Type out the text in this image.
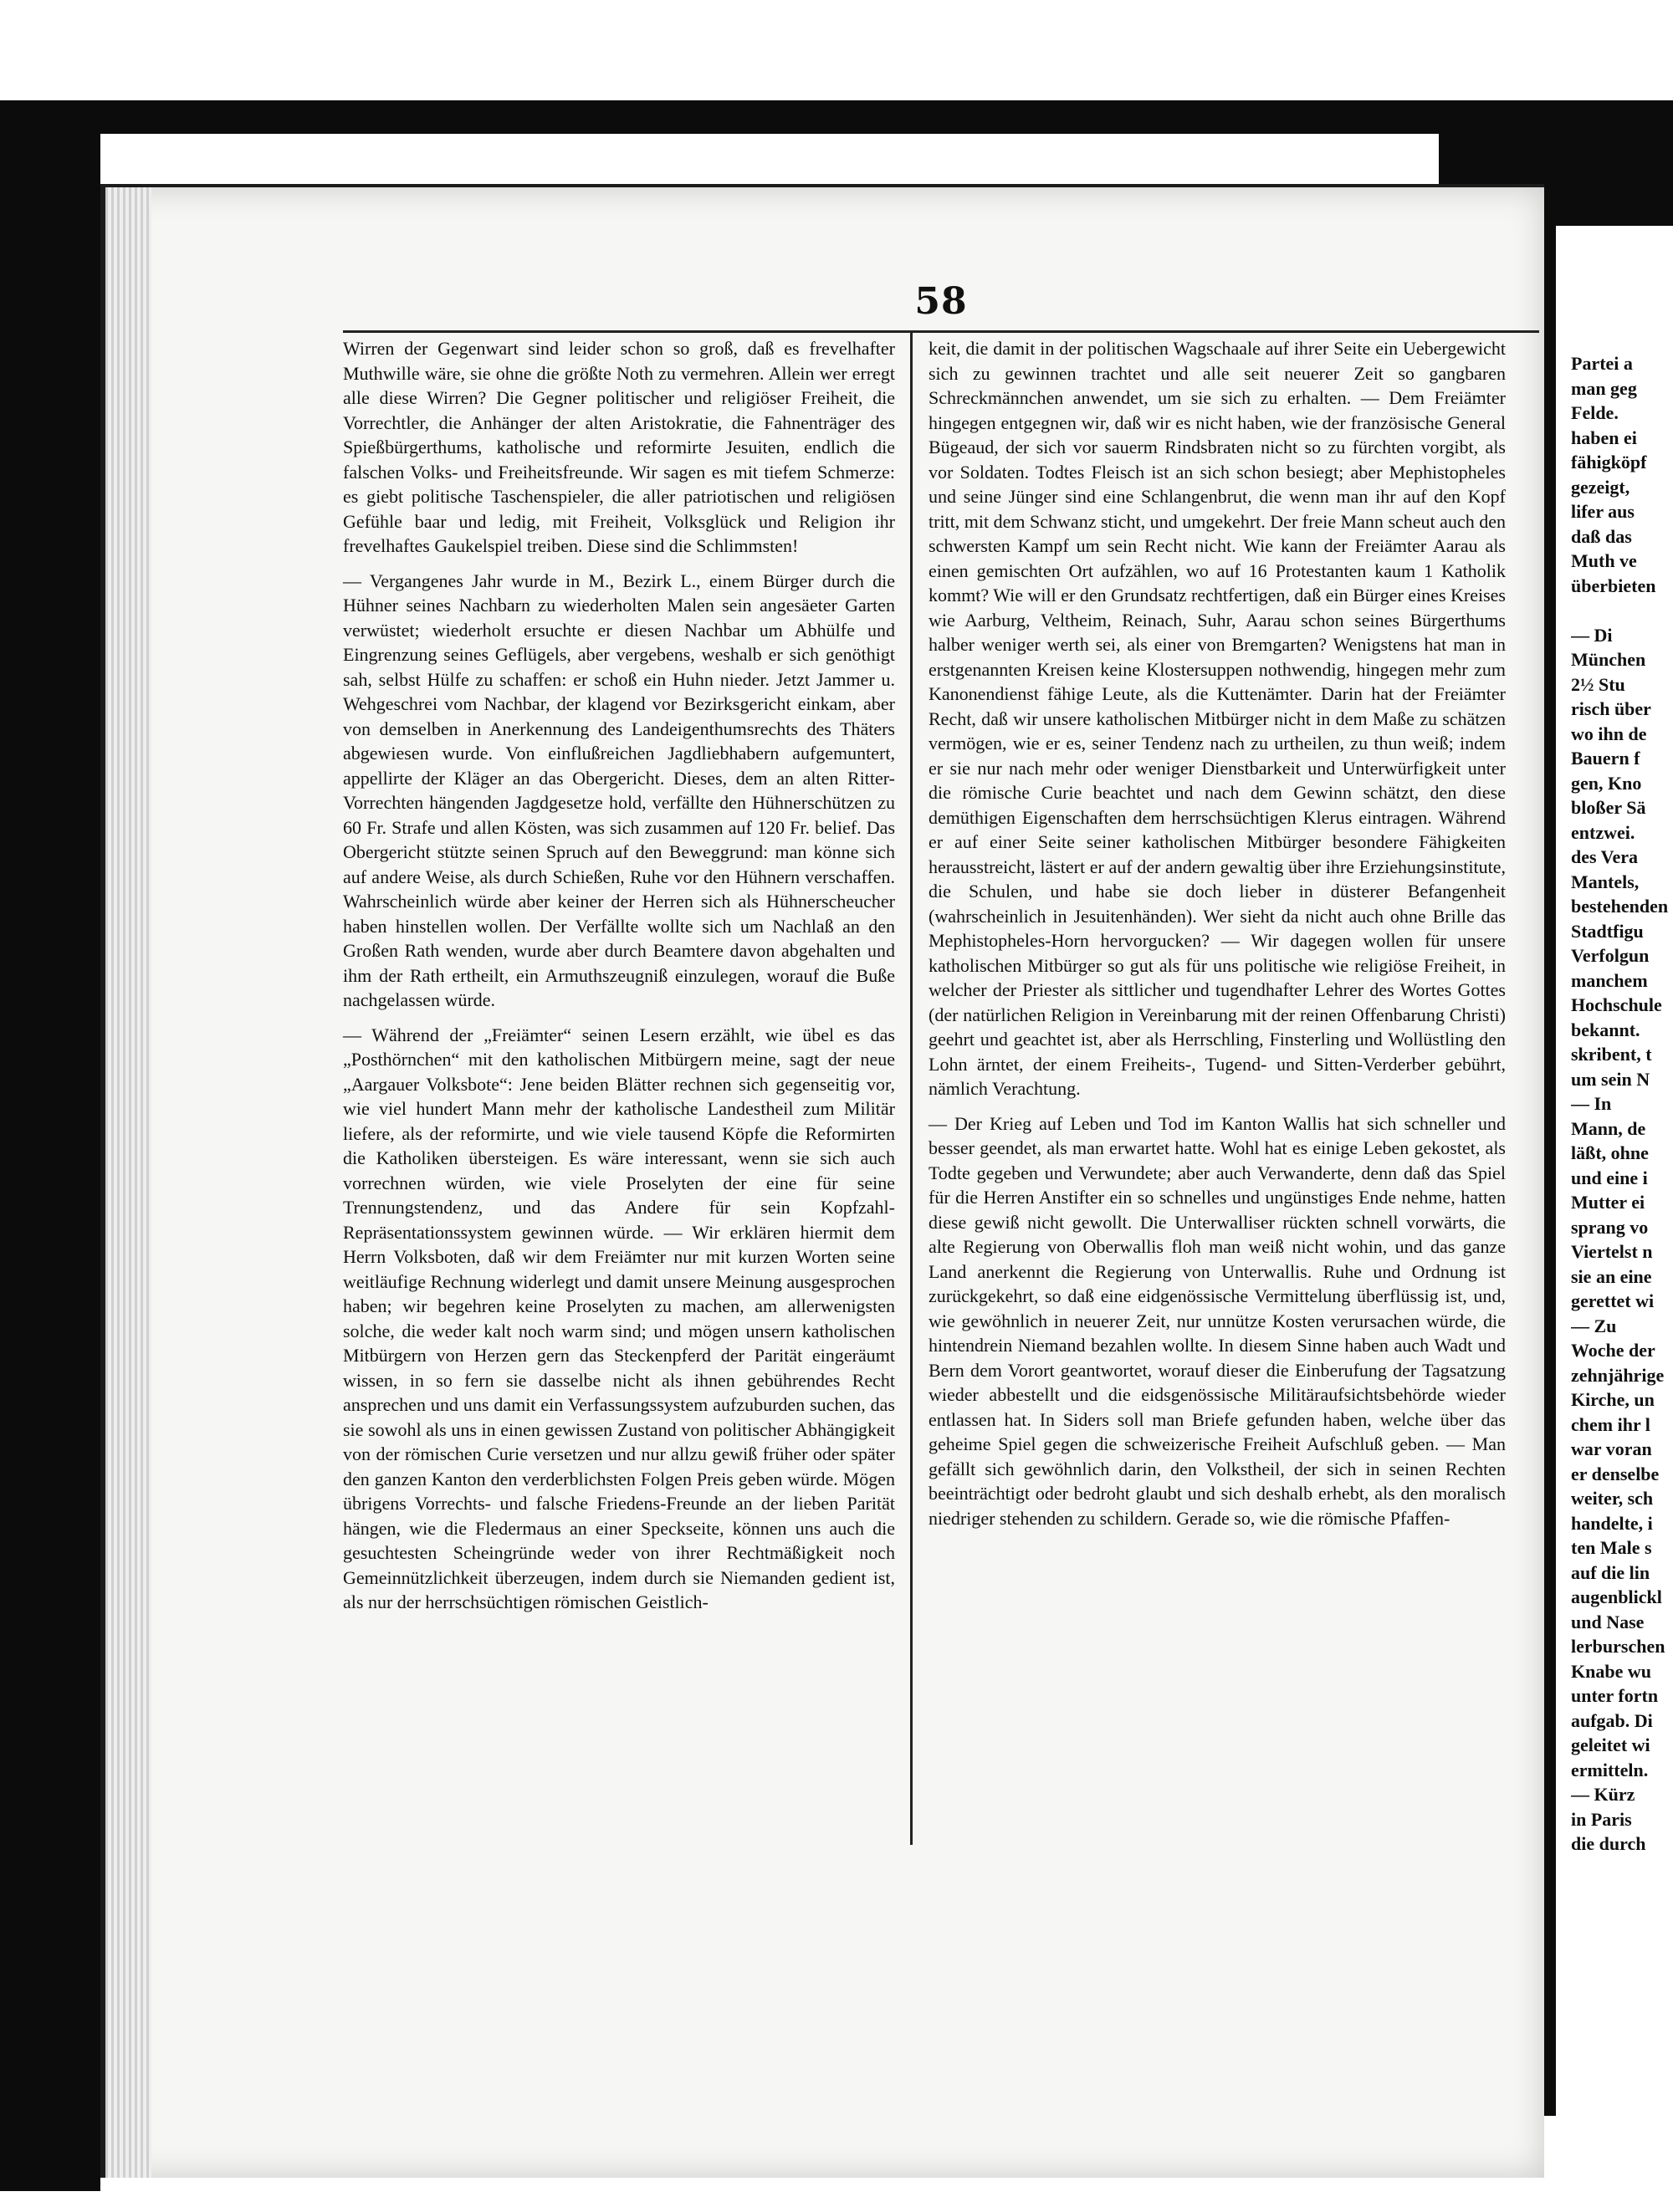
58

Wirren der Gegenwart sind leider schon so groß, daß es frevelhafter Muthwille wäre, sie ohne die größte Noth zu vermehren. Allein wer erregt alle diese Wirren? Die Gegner politischer und religiöser Freiheit, die Vorrechtler, die Anhänger der alten Aristokratie, die Fahnenträger des Spießbürgerthums, katholische und reformirte Jesuiten, endlich die falschen Volks- und Freiheitsfreunde. Wir sagen es mit tiefem Schmerze: es giebt politische Taschenspieler, die aller patriotischen und religiösen Gefühle baar und ledig, mit Freiheit, Volksglück und Religion ihr frevelhaftes Gaukelspiel treiben. Diese sind die Schlimmsten!

— Vergangenes Jahr wurde in M., Bezirk L., einem Bürger durch die Hühner seines Nachbarn zu wiederholten Malen sein angesäeter Garten verwüstet; wiederholt ersuchte er diesen Nachbar um Abhülfe und Eingrenzung seines Geflügels, aber vergebens, weshalb er sich genöthigt sah, selbst Hülfe zu schaffen: er schoß ein Huhn nieder. Jetzt Jammer u. Wehgeschrei vom Nachbar, der klagend vor Bezirksgericht einkam, aber von demselben in Anerkennung des Landeigenthumsrechts des Thäters abgewiesen wurde. Von einflußreichen Jagdliebhabern aufgemuntert, appellirte der Kläger an das Obergericht. Dieses, dem an alten Ritter-Vorrechten hängenden Jagdgesetze hold, verfällte den Hühnerschützen zu 60 Fr. Strafe und allen Kösten, was sich zusammen auf 120 Fr. belief. Das Obergericht stützte seinen Spruch auf den Beweggrund: man könne sich auf andere Weise, als durch Schießen, Ruhe vor den Hühnern verschaffen. Wahrscheinlich würde aber keiner der Herren sich als Hühnerscheucher haben hinstellen wollen. Der Verfällte wollte sich um Nachlaß an den Großen Rath wenden, wurde aber durch Beamtere davon abgehalten und ihm der Rath ertheilt, ein Armuthszeugniß einzulegen, worauf die Buße nachgelassen würde.

— Während der „Freiämter“ seinen Lesern erzählt, wie übel es das „Posthörnchen“ mit den katholischen Mitbürgern meine, sagt der neue „Aargauer Volksbote“: Jene beiden Blätter rechnen sich gegenseitig vor, wie viel hundert Mann mehr der katholische Landestheil zum Militär liefere, als der reformirte, und wie viele tausend Köpfe die Reformirten die Katholiken übersteigen. Es wäre interessant, wenn sie sich auch vorrechnen würden, wie viele Proselyten der eine für seine Trennungstendenz, und das Andere für sein Kopfzahl-Repräsentationssystem gewinnen würde. — Wir erklären hiermit dem Herrn Volksboten, daß wir dem Freiämter nur mit kurzen Worten seine weitläufige Rechnung widerlegt und damit unsere Meinung ausgesprochen haben; wir begehren keine Proselyten zu machen, am allerwenigsten solche, die weder kalt noch warm sind; und mögen unsern katholischen Mitbürgern von Herzen gern das Steckenpferd der Parität eingeräumt wissen, in so fern sie dasselbe nicht als ihnen gebührendes Recht ansprechen und uns damit ein Verfassungssystem aufzuburden suchen, das sie sowohl als uns in einen gewissen Zustand von politischer Abhängigkeit von der römischen Curie versetzen und nur allzu gewiß früher oder später den ganzen Kanton den verderblichsten Folgen Preis geben würde. Mögen übrigens Vorrechts- und falsche Friedens-Freunde an der lieben Parität hängen, wie die Fledermaus an einer Speckseite, können uns auch die gesuchtesten Scheingründe weder von ihrer Rechtmäßigkeit noch Gemeinnützlichkeit überzeugen, indem durch sie Niemanden gedient ist, als nur der herrschsüchtigen römischen Geistlich-

keit, die damit in der politischen Wagschaale auf ihrer Seite ein Uebergewicht sich zu gewinnen trachtet und alle seit neuerer Zeit so gangbaren Schreckmännchen anwendet, um sie sich zu erhalten. — Dem Freiämter hingegen entgegnen wir, daß wir es nicht haben, wie der französische General Bügeaud, der sich vor sauerm Rindsbraten nicht so zu fürchten vorgibt, als vor Soldaten. Todtes Fleisch ist an sich schon besiegt; aber Mephistopheles und seine Jünger sind eine Schlangenbrut, die wenn man ihr auf den Kopf tritt, mit dem Schwanz sticht, und umgekehrt. Der freie Mann scheut auch den schwersten Kampf um sein Recht nicht. Wie kann der Freiämter Aarau als einen gemischten Ort aufzählen, wo auf 16 Protestanten kaum 1 Katholik kommt? Wie will er den Grundsatz rechtfertigen, daß ein Bürger eines Kreises wie Aarburg, Veltheim, Reinach, Suhr, Aarau schon seines Bürgerthums halber weniger werth sei, als einer von Bremgarten? Wenigstens hat man in erstgenannten Kreisen keine Klostersuppen nothwendig, hingegen mehr zum Kanonendienst fähige Leute, als die Kuttenämter. Darin hat der Freiämter Recht, daß wir unsere katholischen Mitbürger nicht in dem Maße zu schätzen vermögen, wie er es, seiner Tendenz nach zu urtheilen, zu thun weiß; indem er sie nur nach mehr oder weniger Dienstbarkeit und Unterwürfigkeit unter die römische Curie beachtet und nach dem Gewinn schätzt, den diese demüthigen Eigenschaften dem herrschsüchtigen Klerus eintragen. Während er auf einer Seite seiner katholischen Mitbürger besondere Fähigkeiten herausstreicht, lästert er auf der andern gewaltig über ihre Erziehungsinstitute, die Schulen, und habe sie doch lieber in düsterer Befangenheit (wahrscheinlich in Jesuitenhänden). Wer sieht da nicht auch ohne Brille das Mephistopheles-Horn hervorgucken? — Wir dagegen wollen für unsere katholischen Mitbürger so gut als für uns politische wie religiöse Freiheit, in welcher der Priester als sittlicher und tugendhafter Lehrer des Wortes Gottes (der natürlichen Religion in Vereinbarung mit der reinen Offenbarung Christi) geehrt und geachtet ist, aber als Herrschling, Finsterling und Wollüstling den Lohn ärntet, der einem Freiheits-, Tugend- und Sitten-Verderber gebührt, nämlich Verachtung.

— Der Krieg auf Leben und Tod im Kanton Wallis hat sich schneller und besser geendet, als man erwartet hatte. Wohl hat es einige Leben gekostet, als Todte gegeben und Verwundete; aber auch Verwanderte, denn daß das Spiel für die Herren Anstifter ein so schnelles und ungünstiges Ende nehme, hatten diese gewiß nicht gewollt. Die Unterwalliser rückten schnell vorwärts, die alte Regierung von Oberwallis floh man weiß nicht wohin, und das ganze Land anerkennt die Regierung von Unterwallis. Ruhe und Ordnung ist zurückgekehrt, so daß eine eidgenössische Vermittelung überflüssig ist, und, wie gewöhnlich in neuerer Zeit, nur unnütze Kosten verursachen würde, die hintendrein Niemand bezahlen wollte. In diesem Sinne haben auch Wadt und Bern dem Vorort geantwortet, worauf dieser die Einberufung der Tagsatzung wieder abbestellt und die eidsgenössische Militäraufsichtsbehörde wieder entlassen hat. In Siders soll man Briefe gefunden haben, welche über das geheime Spiel gegen die schweizerische Freiheit Aufschluß geben. — Man gefällt sich gewöhnlich darin, den Volkstheil, der sich in seinen Rechten beeinträchtigt oder bedroht glaubt und sich deshalb erhebt, als den moralisch niedriger stehenden zu schildern. Gerade so, wie die römische Pfaffen-

Partei a
man geg
Felde.
haben ei
fähigköpf
gezeigt,
lifer aus
daß das
Muth ve
überbieten
— Di
München
2½ Stu
risch über
wo ihn de
Bauern f
gen, Kno
bloßer Sä
entzwei.
des Vera
Mantels,
bestehenden
Stadtfigu
Verfolgun
manchem
Hochschule
bekannt.
skribent, t
um sein N
— In
Mann, de
läßt, ohne
und eine i
Mutter ei
sprang vo
Viertelst n
sie an eine
gerettet wi
— Zu
Woche der
zehnjährige
Kirche, un
chem ihr l
war voran
er denselbe
weiter, sch
handelte, i
ten Male s
auf die lin
augenblickl
und Nase
lerburschen
Knabe wu
unter fortn
aufgab. Di
geleitet wi
ermitteln.
— Kürz
in Paris
die durch
